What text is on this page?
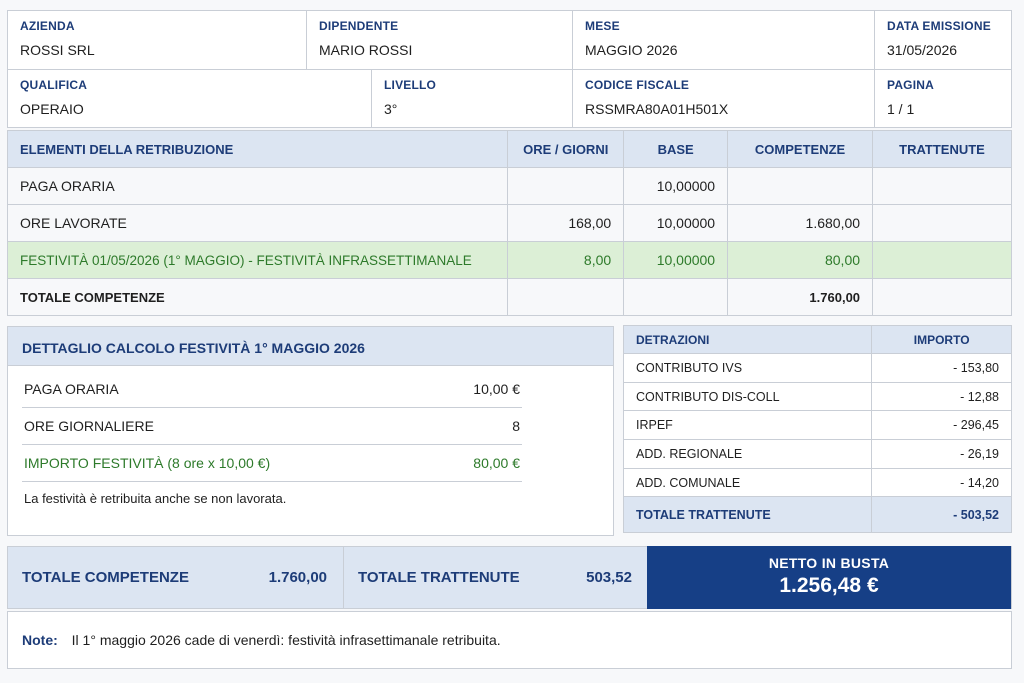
AZIENDA
ROSSI SRL
DIPENDENTE
MARIO ROSSI
MESE
MAGGIO 2026
DATA EMISSIONE
31/05/2026
QUALIFICA
OPERAIO
LIVELLO
3°
CODICE FISCALE
RSSMRA80A01H501X
PAGINA
1 / 1
ELEMENTI DELLA RETRIBUZIONE	ORE / GIORNI	BASE	COMPETENZE	TRATTENUTE
PAGA ORARIA		10,00000		
ORE LAVORATE	168,00	10,00000	1.680,00	
FESTIVITÀ 01/05/2026 (1° MAGGIO) - FESTIVITÀ INFRASSETTIMANALE	8,00	10,00000	80,00	
TOTALE COMPETENZE			1.760,00	
DETTAGLIO CALCOLO FESTIVITÀ 1° MAGGIO 2026
PAGA ORARIA	10,00 €
ORE GIORNALIERE	8
IMPORTO FESTIVITÀ (8 ore x 10,00 €)	80,00 €
La festività è retribuita anche se non lavorata.
DETRAZIONI	IMPORTO
CONTRIBUTO IVS	- 153,80
CONTRIBUTO DIS-COLL	- 12,88
IRPEF	- 296,45
ADD. REGIONALE	- 26,19
ADD. COMUNALE	- 14,20
TOTALE TRATTENUTE	- 503,52
TOTALE COMPETENZE	1.760,00 TOTALE TRATTENUTE	503,52
NETTO IN BUSTA
1.256,48 €
Note: Il 1° maggio 2026 cade di venerdì: festività infrasettimanale retribuita.
